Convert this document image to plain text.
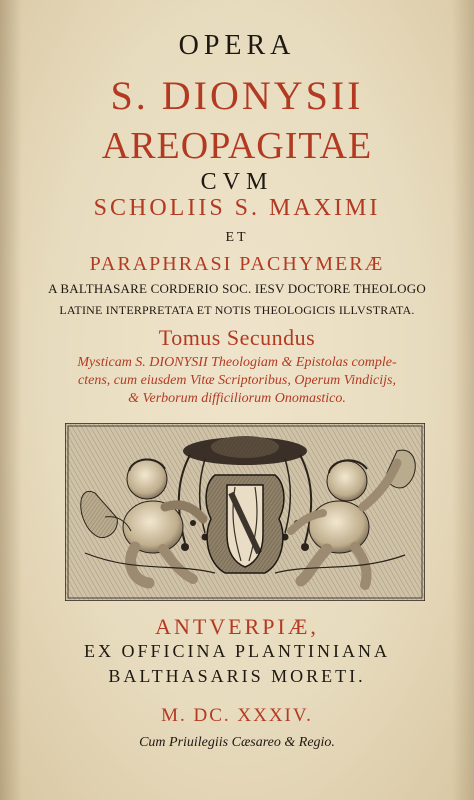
OPERA
S. DIONYSII
AREOPAGITAE
CVM
SCHOLIIS S. MAXIMI
ET
PARAPHRASI PACHYMERÆ
A BALTHASARE CORDERIO SOC. IESV DOCTORE THEOLOGO
LATINE INTERPRETATA ET NOTIS THEOLOGICIS ILLVSTRATA.
Tomus Secundus
Mysticam S. DIONYSII Theologiam & Epistolas comple-
ctens, cum eiusdem Vitæ Scriptoribus, Operum Vindicijs,
& Verborum difficiliorum Onomastico.
ANTVERPIÆ,
EX OFFICINA PLANTINIANA
BALTHASARIS MORETI.
M. DC. XXXIV.
Cum Priuilegiis Cæsareo & Regio.
